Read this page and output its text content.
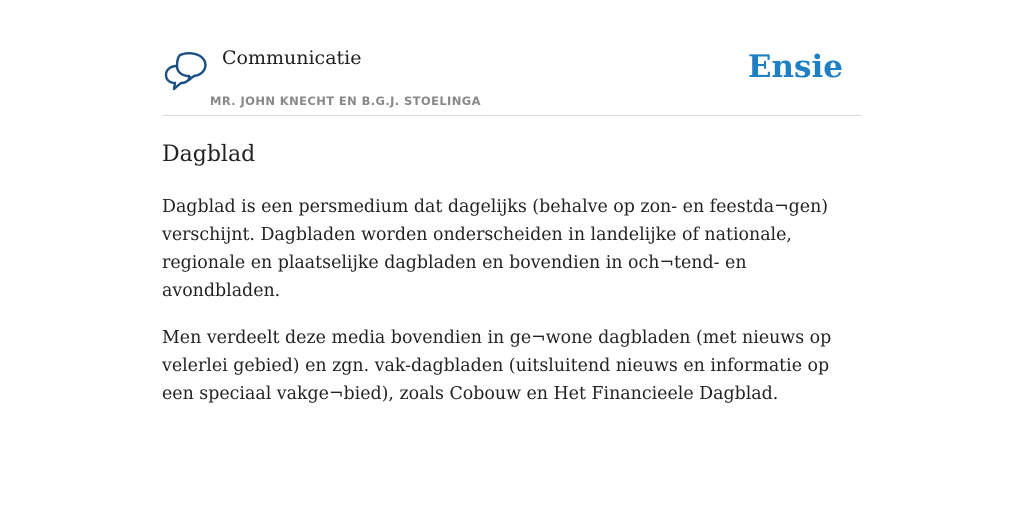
Communicatie
MR. JOHN KNECHT EN B.G.J. STOELINGA
Ensie
Dagblad

Dagblad is een persmedium dat dagelijks (behalve op zon- en feestda¬gen) verschijnt. Dagbladen worden onderscheiden in landelijke of nationale, regionale en plaatselijke dagbladen en bovendien in och¬tend- en avondbladen.

Men verdeelt deze media bovendien in ge¬wone dagbladen (met nieuws op velerlei gebied) en zgn. vak-dagbladen (uitsluitend nieuws en informatie op een speciaal vakge¬bied), zoals Cobouw en Het Financieele Dagblad.
